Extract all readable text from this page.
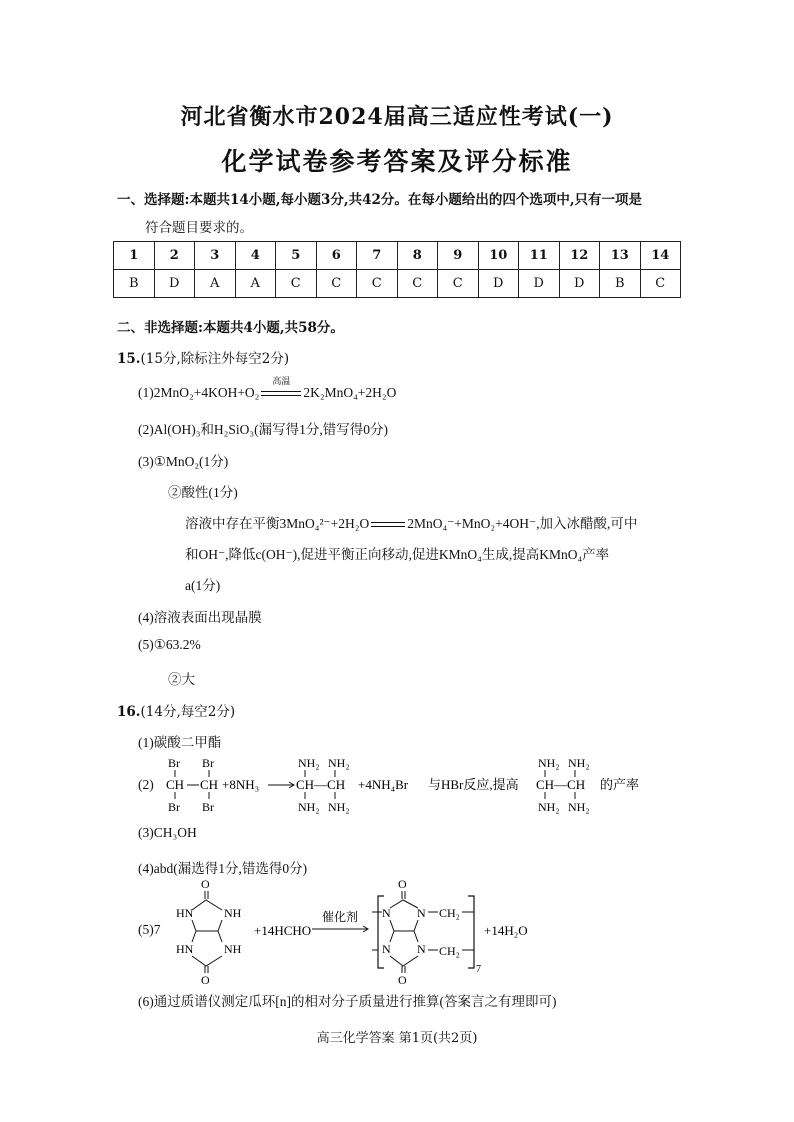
河北省衡水市2024届高三适应性考试(一)
化学试卷参考答案及评分标准
一、选择题:本题共14小题,每小题3分,共42分。在每小题给出的四个选项中,只有一项是
符合题目要求的。
1	2	3	4	5	6	7	8	9	10	11	12	13	14
B	D	A	A	C	C	C	C	C	D	D	D	B	C
二、非选择题:本题共4小题,共58分。
15.(15分,除标注外每空2分)
(1)2MnO₂+4KOH+O₂
高温
2K₂MnO₄+2H₂O
(2)Al(OH)₃和H₂SiO₃(漏写得1分,错写得0分)
(3)①MnO₂(1分)
②酸性(1分)
溶液中存在平衡3MnO₄²⁻+2H₂O	2MnO₄⁻+MnO₂+4OH⁻,加入冰醋酸,可中
和OH⁻,降低c(OH⁻),促进平衡正向移动,促进KMnO₄生成,提高KMnO₄产率
a(1分)
(4)溶液表面出现晶膜
(5)①63.2%
②大
16.(14分,每空2分)
(1)碳酸二甲酯
(2)
Br Br
CH CH
Br Br
+8NH₃
NH₂ NH₂
CH—CH
NH₂ NH₂
+4NH₄Br 与HBr反应,提高
NH₂ NH₂
CH—CH
NH₂ NH₂
的产率
(3)CH₃OH
(4)abd(漏选得1分,错选得0分)
(5)7
O
HN	NH
HN	NH
O
+14HCHO
催化剂
O
N N
N N
O
CH₂
CH₂
7
+14H₂O
(6)通过质谱仪测定瓜环[n]的相对分子质量进行推算(答案言之有理即可)
高三化学答案 第1页(共2页)
